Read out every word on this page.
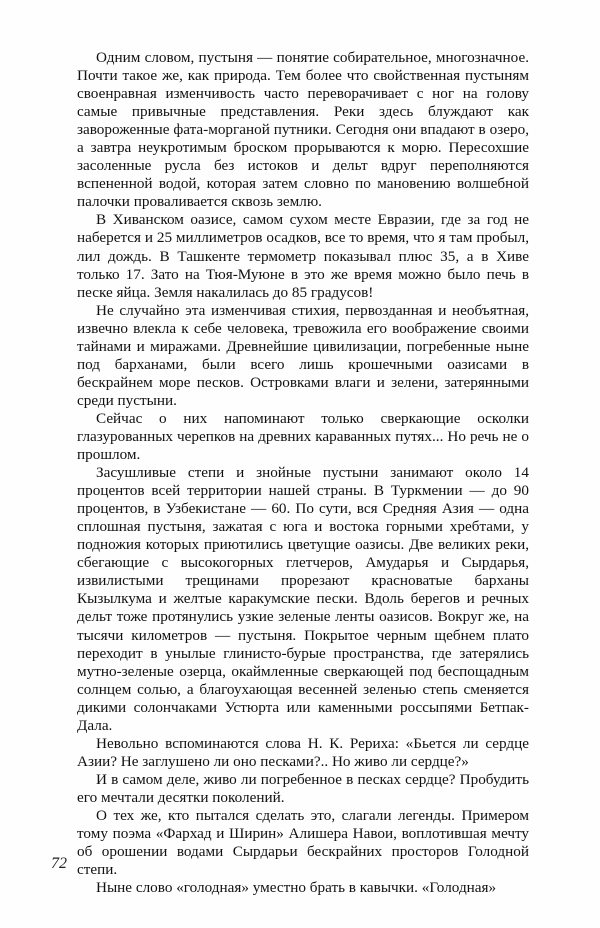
Одним словом, пустыня — понятие собирательное, многозначное. Почти такое же, как природа. Тем более что свойственная пустыням своенравная изменчивость часто переворачивает с ног на голову самые привычные представления. Реки здесь блуждают как завороженные фата-морганой путники. Сегодня они впадают в озеро, а завтра неукротимым броском прорываются к морю. Пересохшие засоленные русла без истоков и дельт вдруг переполняются вспененной водой, которая затем словно по мановению волшебной палочки проваливается сквозь землю.

В Хиванском оазисе, самом сухом месте Евразии, где за год не наберется и 25 миллиметров осадков, все то время, что я там пробыл, лил дождь. В Ташкенте термометр показывал плюс 35, а в Хиве только 17. Зато на Тюя-Муюне в это же время можно было печь в песке яйца. Земля накалилась до 85 градусов!

Не случайно эта изменчивая стихия, первозданная и необъятная, извечно влекла к себе человека, тревожила его воображение своими тайнами и миражами. Древнейшие цивилизации, погребенные ныне под барханами, были всего лишь крошечными оазисами в бескрайнем море песков. Островками влаги и зелени, затерянными среди пустыни.

Сейчас о них напоминают только сверкающие осколки глазурованных черепков на древних караванных путях... Но речь не о прошлом.

Засушливые степи и знойные пустыни занимают около 14 процентов всей территории нашей страны. В Туркмении — до 90 процентов, в Узбекистане — 60. По сути, вся Средняя Азия — одна сплошная пустыня, зажатая с юга и востока горными хребтами, у подножия которых приютились цветущие оазисы. Две великих реки, сбегающие с высокогорных глетчеров, Амударья и Сырдарья, извилистыми трещинами прорезают красноватые барханы Кызылкума и желтые каракумские пески. Вдоль берегов и речных дельт тоже протянулись узкие зеленые ленты оазисов. Вокруг же, на тысячи километров — пустыня. Покрытое черным щебнем плато переходит в унылые глинисто-бурые пространства, где затерялись мутно-зеленые озерца, окаймленные сверкающей под беспощадным солнцем солью, а благоухающая весенней зеленью степь сменяется дикими солончаками Устюрта или каменными россыпями Бетпак-Дала.

Невольно вспоминаются слова Н. К. Рериха: «Бьется ли сердце Азии? Не заглушено ли оно песками?.. Но живо ли сердце?»

И в самом деле, живо ли погребенное в песках сердце? Пробудить его мечтали десятки поколений.

О тех же, кто пытался сделать это, слагали легенды. Примером тому поэма «Фархад и Ширин» Алишера Навои, воплотившая мечту об орошении водами Сырдарьи бескрайних просторов Голодной степи.

Ныне слово «голодная» уместно брать в кавычки. «Голодная»

72
